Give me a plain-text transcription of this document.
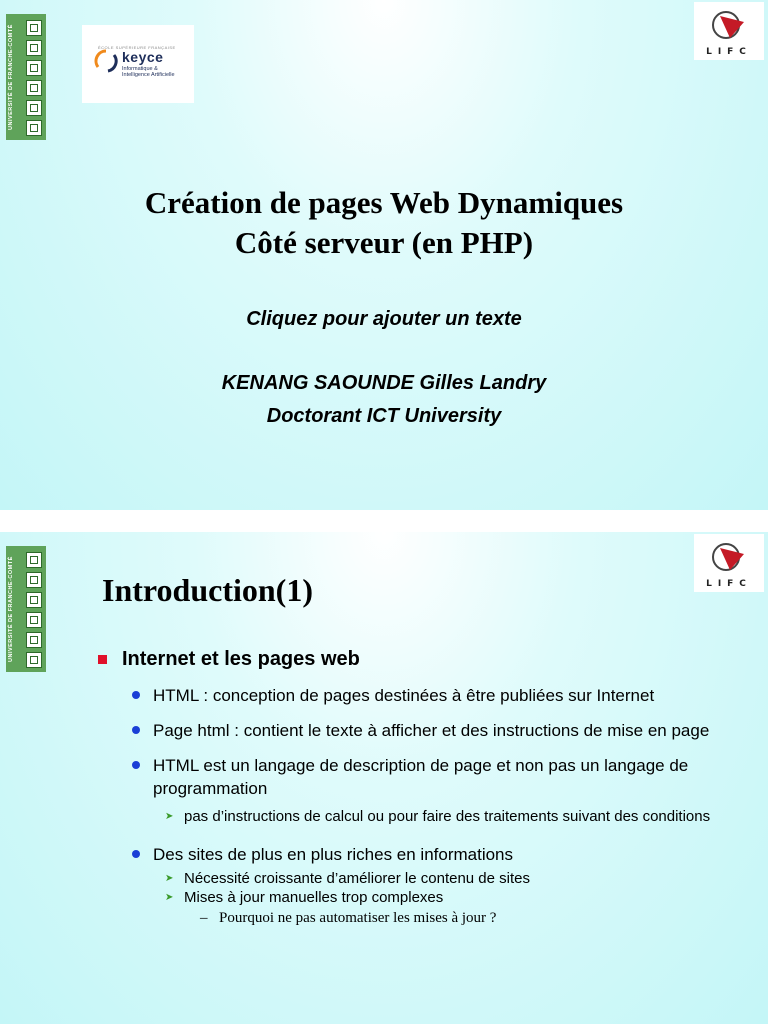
UNIVERSITÉ DE FRANCHE-COMTÉ	ÉCOLE SUPÉRIEURE FRANÇAISE
keyce
Informatique & Intelligence Artificielle
LIFC
Création de pages Web Dynamiques
Côté serveur (en PHP)
Cliquez pour ajouter un texte
KENANG SAOUNDE Gilles Landry
Doctorant ICT University
UNIVERSITÉ DE FRANCHE-COMTÉ	LIFC
Introduction(1)
Internet et les pages web
HTML : conception de pages destinées à être publiées sur Internet
Page html : contient le texte à afficher et des instructions de mise en page
HTML est un langage de description de page et non pas un langage de programmation
➤ pas d’instructions de calcul ou pour faire des traitements suivant des conditions
Des sites de plus en plus riches en informations
➤ Nécessité croissante d’améliorer le contenu de sites
➤ Mises à jour manuelles trop complexes
– Pourquoi ne pas automatiser les mises à jour ?
